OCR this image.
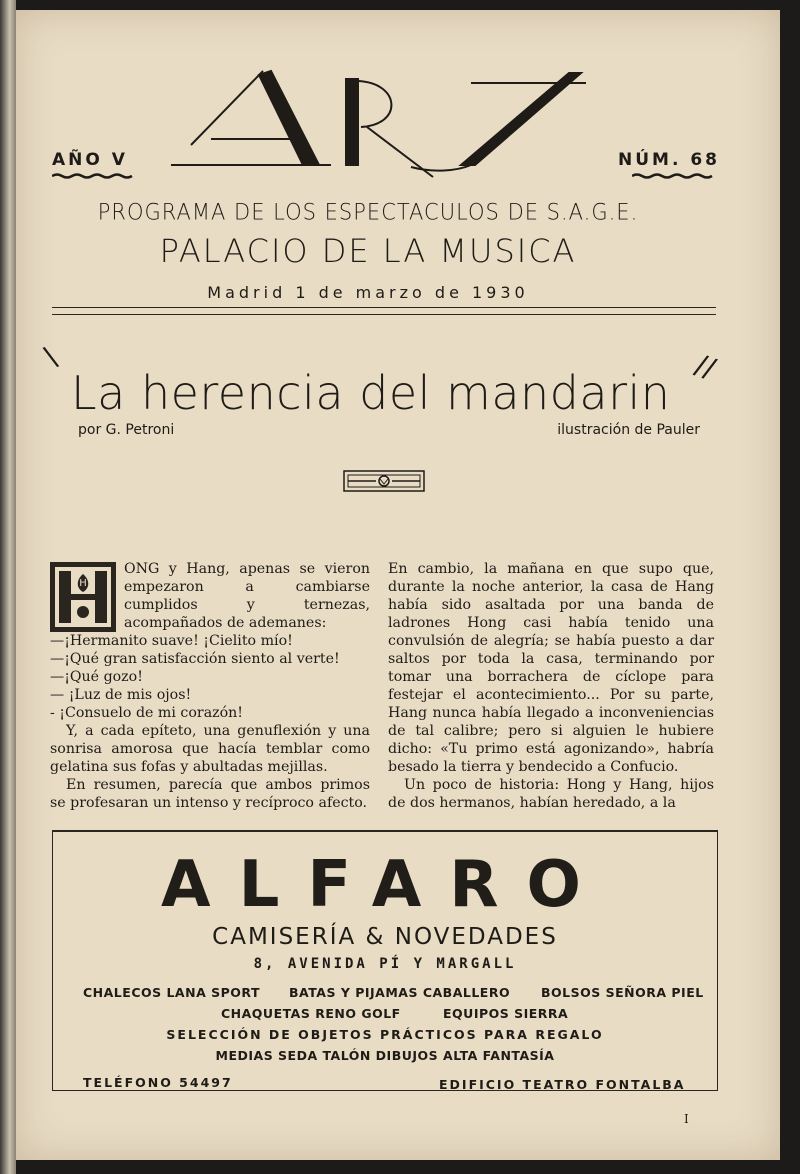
AÑO V	NÚM. 68
PROGRAMA DE LOS ESPECTACULOS DE S.A.G.E.
PALACIO DE LA MUSICA
Madrid 1 de marzo de 1930
\
La herencia del mandarin //
por G. Petroni	ilustración de Pauler
H

ONG y Hang, apenas se vieron empezaron a cambiarse cumplidos y ternezas, acompañados de ademanes:

—¡Hermanito suave! ¡Cielito mío!

—¡Qué gran satisfacción siento al verte!

—¡Qué gozo!

— ¡Luz de mis ojos!

- ¡Consuelo de mi corazón!

Y, a cada epíteto, una genuflexión y una sonrisa amorosa que hacía temblar como gelatina sus fofas y abultadas mejillas.

En resumen, parecía que ambos primos se profesaran un intenso y recíproco afecto.

En cambio, la mañana en que supo que, durante la noche anterior, la casa de Hang había sido asaltada por una banda de ladrones Hong casi había tenido una convulsión de alegría; se había puesto a dar saltos por toda la casa, terminando por tomar una borrachera de cíclope para festejar el acontecimiento... Por su parte, Hang nunca había llegado a inconveniencias de tal calibre; pero si alguien le hubiere dicho: «Tu primo está agonizando», habría besado la tierra y bendecido a Confucio.

Un poco de historia: Hong y Hang, hijos de dos hermanos, habían heredado, a la

ALFARO
CAMISERÍA & NOVEDADES
8, AVENIDA PÍ Y MARGALL
CHALECOS LANA SPORT BATAS Y PIJAMAS CABALLERO BOLSOS SEÑORA PIEL
CHAQUETAS RENO GOLF	EQUIPOS SIERRA
SELECCIÓN DE OBJETOS PRÁCTICOS PARA REGALO
MEDIAS SEDA TALÓN DIBUJOS ALTA FANTASÍA
TELÉFONO 54497	EDIFICIO TEATRO FONTALBA
I
